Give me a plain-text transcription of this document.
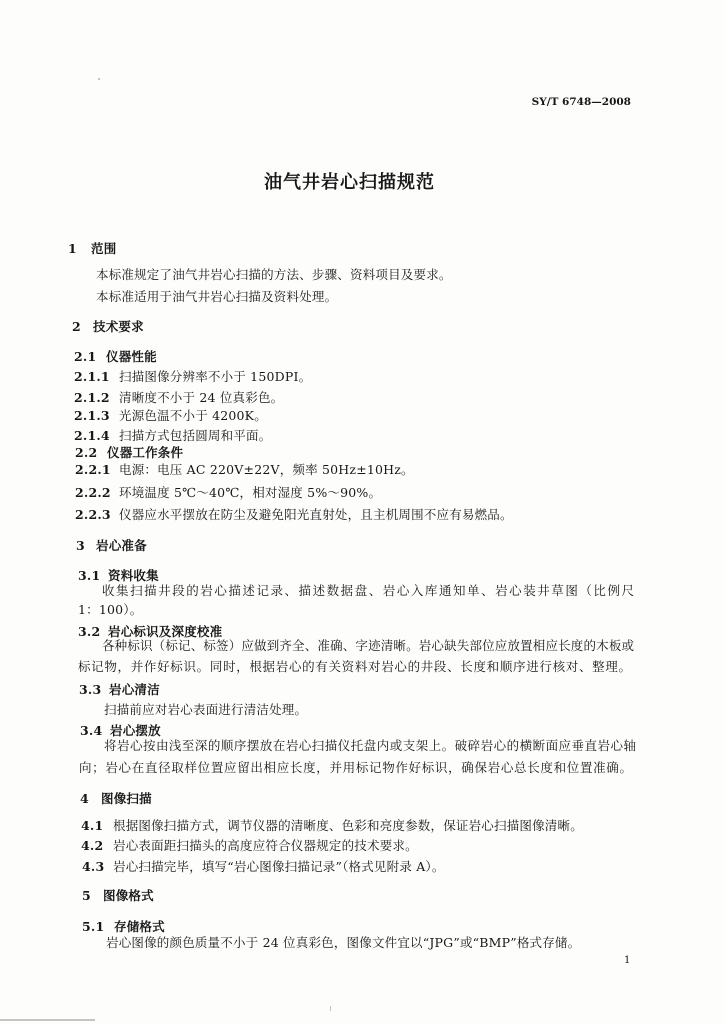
SY/T 6748—2008
油气井岩心扫描规范
1 范围
本标准规定了油气井岩心扫描的方法、步骤、资料项目及要求。
本标准适用于油气井岩心扫描及资料处理。
2 技术要求
2.1 仪器性能
2.1.1 扫描图像分辨率不小于 150DPI。
2.1.2 清晰度不小于 24 位真彩色。
2.1.3 光源色温不小于 4200K。
2.1.4 扫描方式包括圆周和平面。
2.2 仪器工作条件
2.2.1 电源：电压 AC 220V±22V，频率 50Hz±10Hz。
2.2.2 环境温度 5℃～40℃，相对湿度 5%～90%。
2.2.3 仪器应水平摆放在防尘及避免阳光直射处，且主机周围不应有易燃品。
3 岩心准备
3.1 资料收集
收集扫描井段的岩心描述记录、描述数据盘、岩心入库通知单、岩心装井草图（比例尺
1：100）。
3.2 岩心标识及深度校准
各种标识（标记、标签）应做到齐全、准确、字迹清晰。岩心缺失部位应放置相应长度的木板或
标记物，并作好标识。同时，根据岩心的有关资料对岩心的井段、长度和顺序进行核对、整理。
3.3 岩心清洁
扫描前应对岩心表面进行清洁处理。
3.4 岩心摆放
将岩心按由浅至深的顺序摆放在岩心扫描仪托盘内或支架上。破碎岩心的横断面应垂直岩心轴
向；岩心在直径取样位置应留出相应长度，并用标记物作好标识，确保岩心总长度和位置准确。
4 图像扫描
4.1 根据图像扫描方式，调节仪器的清晰度、色彩和亮度参数，保证岩心扫描图像清晰。
4.2 岩心表面距扫描头的高度应符合仪器规定的技术要求。
4.3 岩心扫描完毕，填写“岩心图像扫描记录”（格式见附录 A）。
5 图像格式
5.1 存储格式
岩心图像的颜色质量不小于 24 位真彩色，图像文件宜以“JPG”或“BMP”格式存储。
1
